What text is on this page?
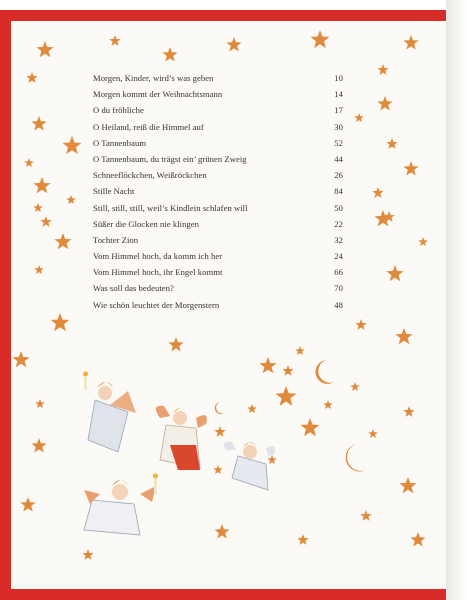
Morgen, Kinder, wird’s was geben	10
Morgen kommt der Weihnachtsmann	14
O du fröhliche	17
O Heiland, reiß die Himmel auf	30
O Tannenbaum	52
O Tannenbaum, du trägst ein’ grünen Zweig	44
Schneeflöckchen, Weißröckchen	26
Stille Nacht	84
Still, still, still, weil’s Kindlein schlafen will	50
Süßer die Glocken nie klingen	22
Tochter Zion	32
Vom Himmel hoch, da komm ich her	24
Vom Himmel hoch, ihr Engel kommt	66
Was soll das bedeuten?	70
Wie schön leuchtet der Morgenstern	48
